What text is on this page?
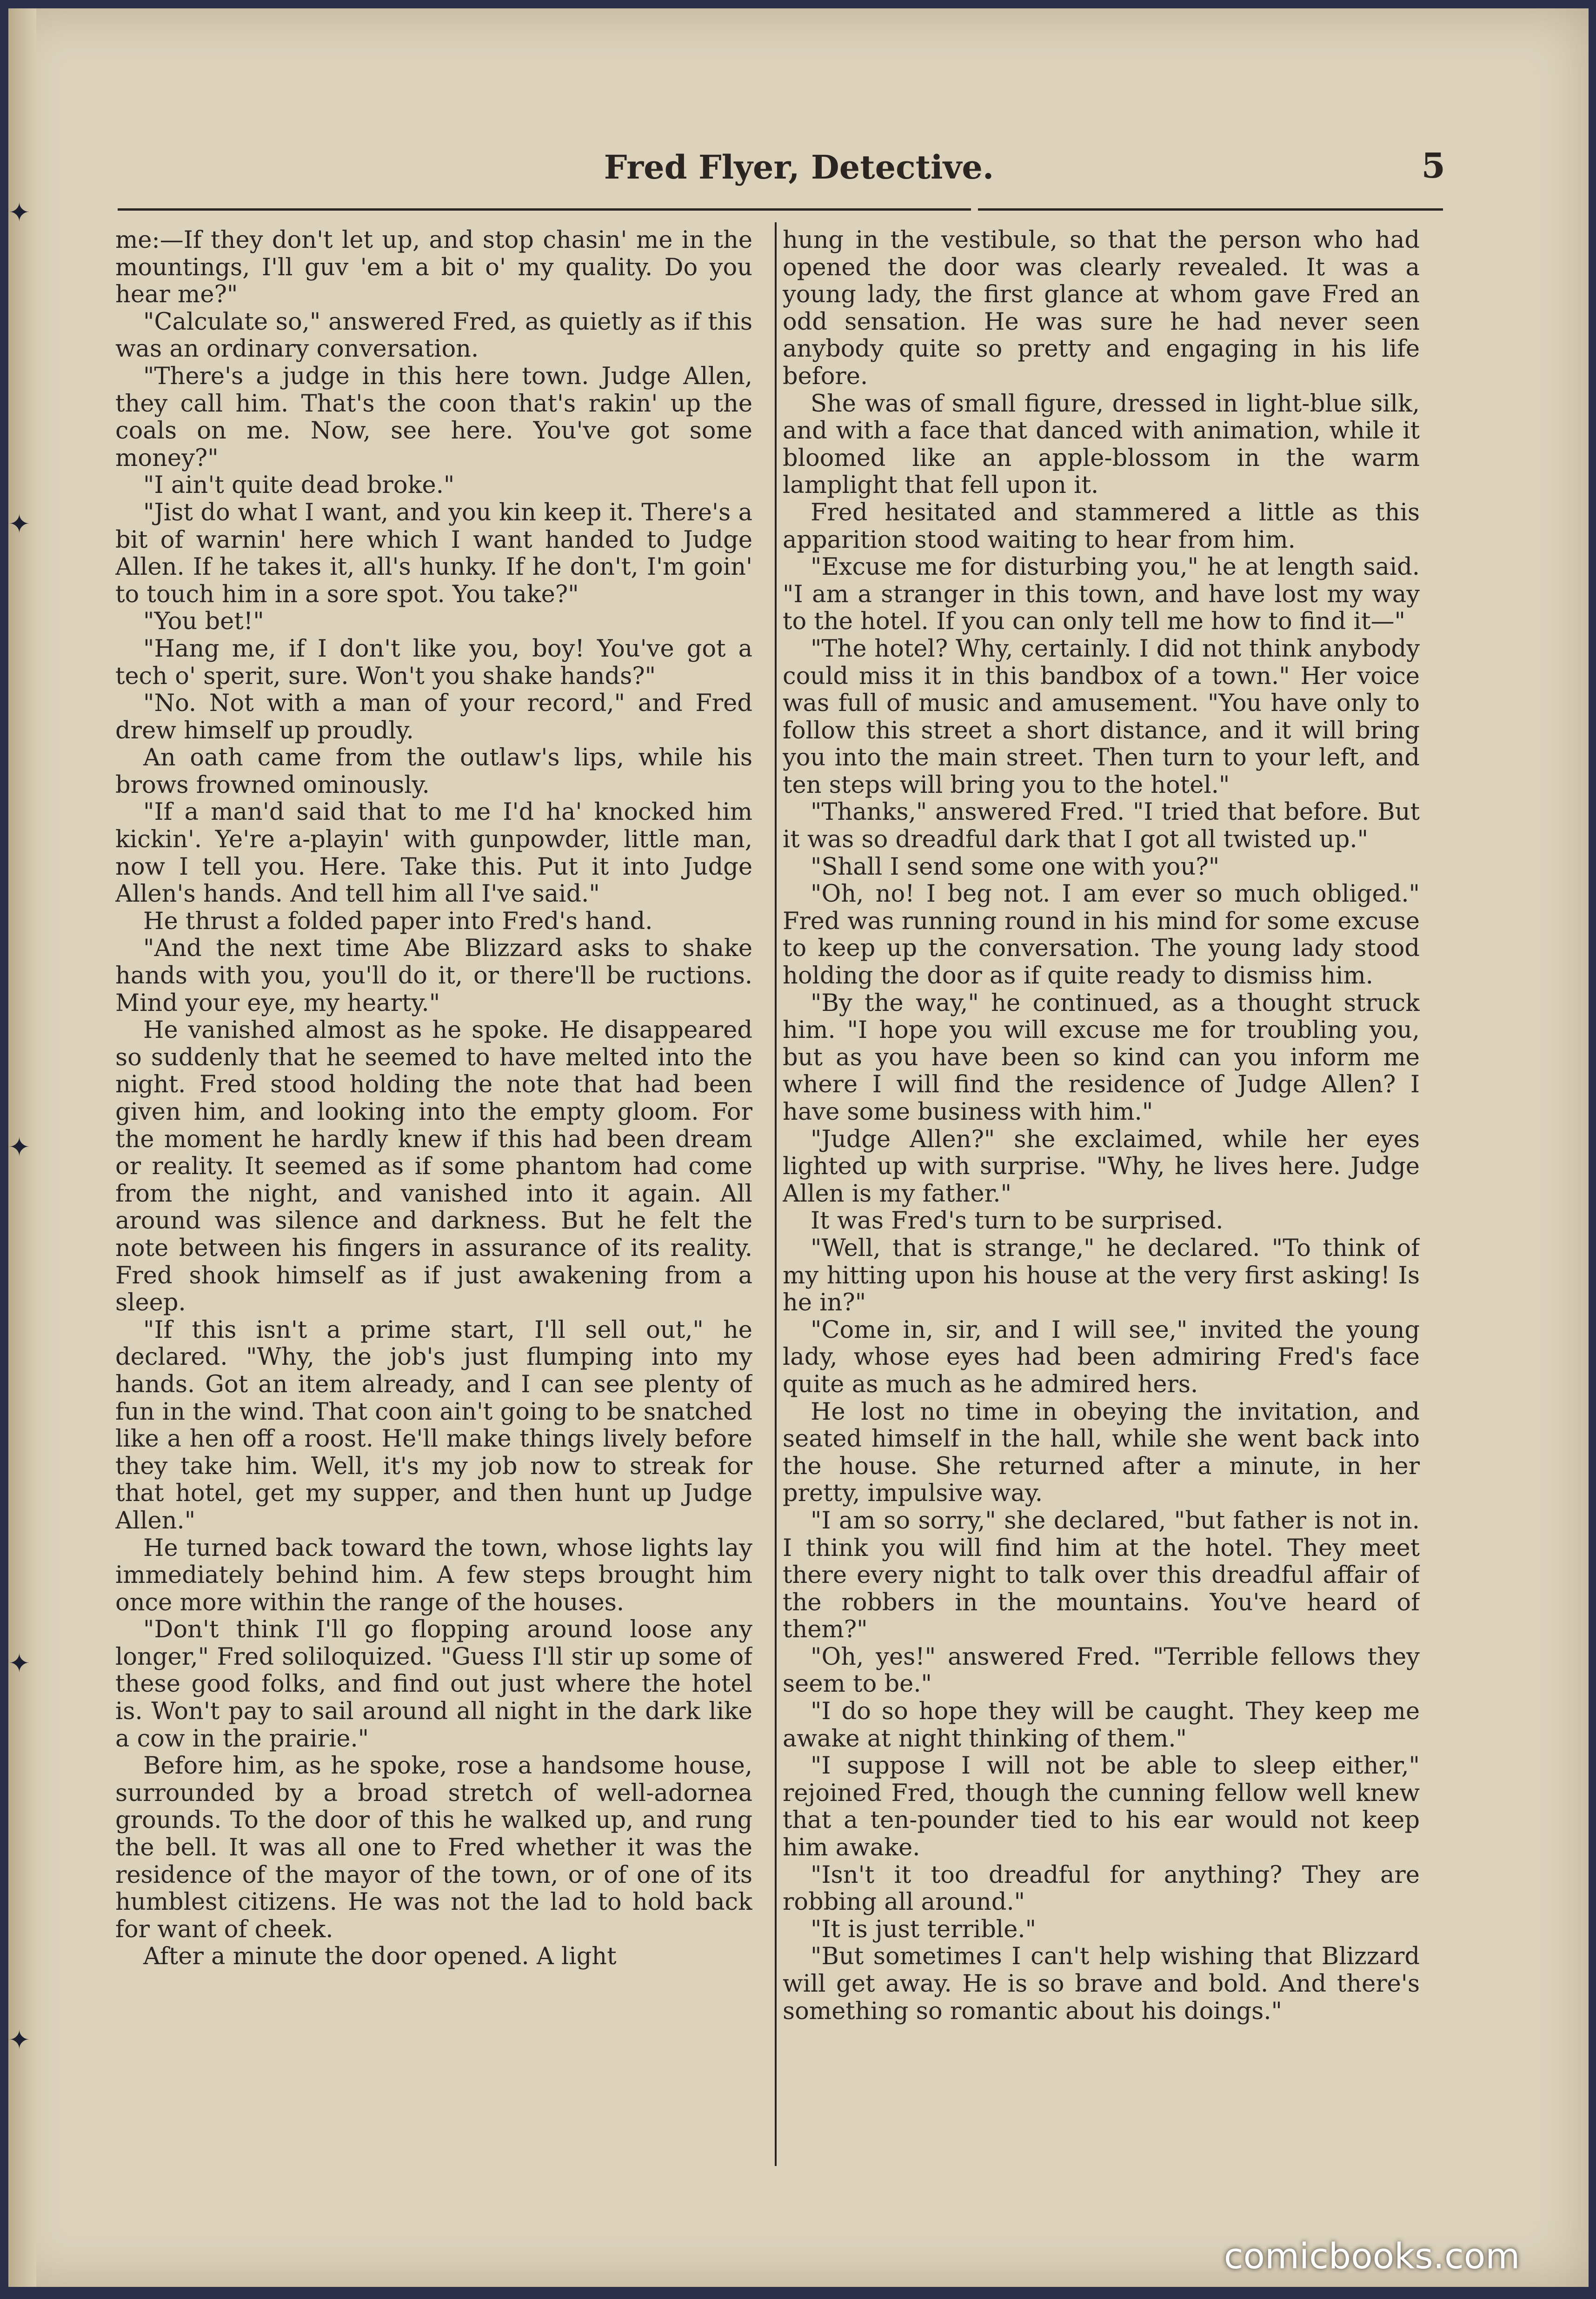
✦
✦
✦
✦
✦
Fred Flyer, Detective.	5

me:—If they don't let up, and stop chasin' me in the mountings, I'll guv 'em a bit o' my quality. Do you hear me?"

"Calculate so," answered Fred, as quietly as if this was an ordinary conversation.

"There's a judge in this here town. Judge Allen, they call him. That's the coon that's rakin' up the coals on me. Now, see here. You've got some money?"

"I ain't quite dead broke."

"Jist do what I want, and you kin keep it. There's a bit of warnin' here which I want handed to Judge Allen. If he takes it, all's hunky. If he don't, I'm goin' to touch him in a sore spot. You take?"

"You bet!"

"Hang me, if I don't like you, boy! You've got a tech o' sperit, sure. Won't you shake hands?"

"No. Not with a man of your record," and Fred drew himself up proudly.

An oath came from the outlaw's lips, while his brows frowned ominously.

"If a man'd said that to me I'd ha' knocked him kickin'. Ye're a-playin' with gunpowder, little man, now I tell you. Here. Take this. Put it into Judge Allen's hands. And tell him all I've said."

He thrust a folded paper into Fred's hand.

"And the next time Abe Blizzard asks to shake hands with you, you'll do it, or there'll be ructions. Mind your eye, my hearty."

He vanished almost as he spoke. He disappeared so suddenly that he seemed to have melted into the night. Fred stood holding the note that had been given him, and looking into the empty gloom. For the moment he hardly knew if this had been dream or reality. It seemed as if some phantom had come from the night, and vanished into it again. All around was silence and darkness. But he felt the note between his fingers in assurance of its reality. Fred shook himself as if just awakening from a sleep.

"If this isn't a prime start, I'll sell out," he declared. "Why, the job's just flumping into my hands. Got an item already, and I can see plenty of fun in the wind. That coon ain't going to be snatched like a hen off a roost. He'll make things lively before they take him. Well, it's my job now to streak for that hotel, get my supper, and then hunt up Judge Allen."

He turned back toward the town, whose lights lay immediately behind him. A few steps brought him once more within the range of the houses.

"Don't think I'll go flopping around loose any longer," Fred soliloquized. "Guess I'll stir up some of these good folks, and find out just where the hotel is. Won't pay to sail around all night in the dark like a cow in the prairie."

Before him, as he spoke, rose a handsome house, surrounded by a broad stretch of well-adornea grounds. To the door of this he walked up, and rung the bell. It was all one to Fred whether it was the residence of the mayor of the town, or of one of its humblest citizens. He was not the lad to hold back for want of cheek.

After a minute the door opened. A light

hung in the vestibule, so that the person who had opened the door was clearly revealed. It was a young lady, the first glance at whom gave Fred an odd sensation. He was sure he had never seen anybody quite so pretty and engaging in his life before.

She was of small figure, dressed in light-blue silk, and with a face that danced with animation, while it bloomed like an apple-blossom in the warm lamplight that fell upon it.

Fred hesitated and stammered a little as this apparition stood waiting to hear from him.

"Excuse me for disturbing you," he at length said. "I am a stranger in this town, and have lost my way to the hotel. If you can only tell me how to find it—"

"The hotel? Why, certainly. I did not think anybody could miss it in this bandbox of a town." Her voice was full of music and amusement. "You have only to follow this street a short distance, and it will bring you into the main street. Then turn to your left, and ten steps will bring you to the hotel."

"Thanks," answered Fred. "I tried that before. But it was so dreadful dark that I got all twisted up."

"Shall I send some one with you?"

"Oh, no! I beg not. I am ever so much obliged." Fred was running round in his mind for some excuse to keep up the conversation. The young lady stood holding the door as if quite ready to dismiss him.

"By the way," he continued, as a thought struck him. "I hope you will excuse me for troubling you, but as you have been so kind can you inform me where I will find the residence of Judge Allen? I have some business with him."

"Judge Allen?" she exclaimed, while her eyes lighted up with surprise. "Why, he lives here. Judge Allen is my father."

It was Fred's turn to be surprised.

"Well, that is strange," he declared. "To think of my hitting upon his house at the very first asking! Is he in?"

"Come in, sir, and I will see," invited the young lady, whose eyes had been admiring Fred's face quite as much as he admired hers.

He lost no time in obeying the invitation, and seated himself in the hall, while she went back into the house. She returned after a minute, in her pretty, impulsive way.

"I am so sorry," she declared, "but father is not in. I think you will find him at the hotel. They meet there every night to talk over this dreadful affair of the robbers in the mountains. You've heard of them?"

"Oh, yes!" answered Fred. "Terrible fellows they seem to be."

"I do so hope they will be caught. They keep me awake at night thinking of them."

"I suppose I will not be able to sleep either," rejoined Fred, though the cunning fellow well knew that a ten-pounder tied to his ear would not keep him awake.

"Isn't it too dreadful for anything? They are robbing all around."

"It is just terrible."

"But sometimes I can't help wishing that Blizzard will get away. He is so brave and bold. And there's something so romantic about his doings."

comicbooks.com
